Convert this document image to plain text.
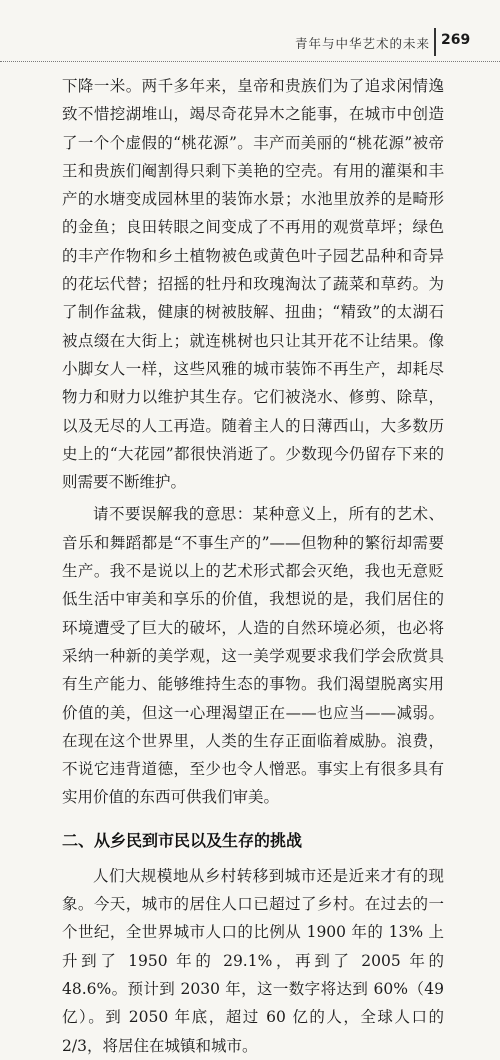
青年与中华艺术的未来 269

下降一米。两千多年来，皇帝和贵族们为了追求闲情逸致不惜挖湖堆山，竭尽奇花异木之能事，在城市中创造了一个个虚假的“桃花源”。丰产而美丽的“桃花源”被帝王和贵族们阉割得只剩下美艳的空壳。有用的灌渠和丰产的水塘变成园林里的装饰水景；水池里放养的是畸形的金鱼；良田转眼之间变成了不再用的观赏草坪；绿色的丰产作物和乡土植物被色或黄色叶子园艺品种和奇异的花坛代替；招摇的牡丹和玫瑰淘汰了蔬菜和草药。为了制作盆栽，健康的树被肢解、扭曲；“精致”的太湖石被点缀在大街上；就连桃树也只让其开花不让结果。像小脚女人一样，这些风雅的城市装饰不再生产，却耗尽物力和财力以维护其生存。它们被浇水、修剪、除草，以及无尽的人工再造。随着主人的日薄西山，大多数历史上的“大花园”都很快消逝了。少数现今仍留存下来的则需要不断维护。

请不要误解我的意思：某种意义上，所有的艺术、音乐和舞蹈都是“不事生产的”——但物种的繁衍却需要生产。我不是说以上的艺术形式都会灭绝，我也无意贬低生活中审美和享乐的价值，我想说的是，我们居住的环境遭受了巨大的破坏，人造的自然环境必须，也必将采纳一种新的美学观，这一美学观要求我们学会欣赏具有生产能力、能够维持生态的事物。我们渴望脱离实用价值的美，但这一心理渴望正在——也应当——减弱。在现在这个世界里，人类的生存正面临着威胁。浪费，不说它违背道德，至少也令人憎恶。事实上有很多具有实用价值的东西可供我们审美。

二、从乡民到市民以及生存的挑战

人们大规模地从乡村转移到城市还是近来才有的现象。今天，城市的居住人口已超过了乡村。在过去的一个世纪，全世界城市人口的比例从 1900 年的 13% 上升到了 1950 年的 29.1%，再到了 2005 年的 48.6%。预计到 2030 年，这一数字将达到 60%（49 亿）。到 2050 年底，超过 60 亿的人，全球人口的 2/3，将居住在城镇和城市。
